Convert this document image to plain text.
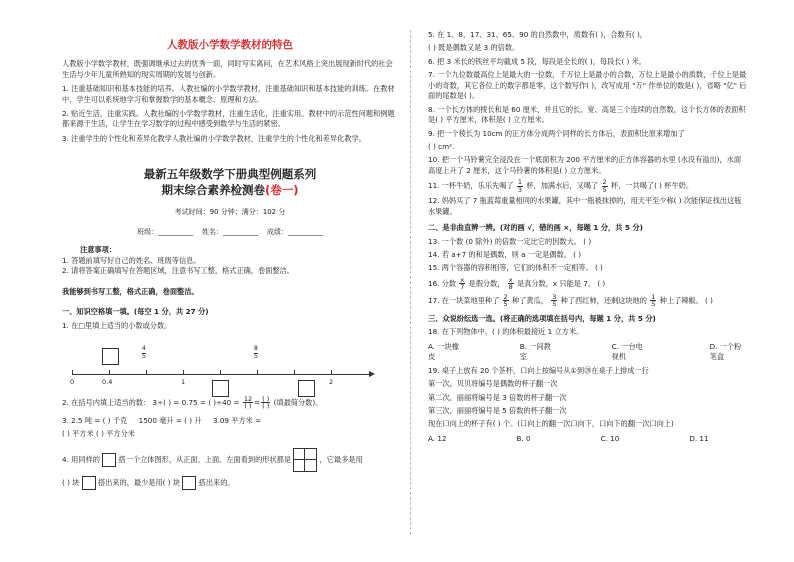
人教版小学数学教材的特色

人教版小学数学教材，既强调继承过去的优秀一面，同时写实离问，在艺术风格上突出展现新时代的社会生活与少年儿童所熟知的现实周期的发展与创新。

1. 注重基础知识和基本技能的培养。人教社编的小学数学教材，注重基础知识和基本技能的训练。在教材中，学生可以系统地学习和掌握数学的基本概念、原理和方法。

2. 贴近生活，注重实践。人教社编的小学数学教材，注重生活化，注重实用。教材中的示范性问题和例题都来源于生活，让学生在学习数学的过程中感受到数学与生活的紧密。

3. 注重学生的个性化和差异化教学人教社编的小学数学教材，注重学生的个性化和差异化教学。

最新五年级数学下册典型例题系列
期末综合素养检测卷(卷一)
考试时间：90 分钟；满分：102 分
班级：__________ 姓名：__________ 成绩：__________
注意事项：
1. 答题前填写好自己的姓名、班级等信息。
2. 请将答案正确填写在答题区域，注意书写工整，格式正确，卷面整洁。
我能够到书写工整，格式正确，卷面整洁。
一、知识空格填一填。(每空 1 分，共 27 分)
1. 在□里填上适当的小数或分数。
0	0.4	1	2
$\frac{4}{5}$	$\frac{8}{5}$
2. 在括号内填上适当的数： 3÷( ) = 0.75 = ( )$\div 40 = \frac{12}{( )} = \frac{( )}{( )}$ (填最简分数)。
3. 2.5 吨 = ( ) 千克 1500 毫升 = ( ) 升 3.09 平方米 =
( ) 平方米 ( ) 平方分米
4. 用同样的	搭一个立体图形，从正面、上面、左面看到的形状都是	，它最多是用
( ) 块	搭出来的，最少是用( ) 块	搭出来的。
5. 在 1、8、17、31、65、90 的自然数中，质数有( )，合数有( )，
( ) 既是偶数又是 3 的倍数。
6. 把 3 米长的铁丝平均截成 5 段，每段是全长的( )，每段长( ) 米。
7. 一个九位数最高位上是最大的一位数，千万位上是最小的合数，万位上是最小的质数，千位上是最小的奇数，其它各位上的数字都是零，这个数写作( )，改写成用 "万" 作单位的数是( )，省略 "亿" 后面的尾数是( )。
8. 一个长方体的棱长和是 60 厘米，并且它的长、宽、高是三个连续的自然数，这个长方体的表面积是( ) 平方厘米，体积是( ) 立方厘米。
9. 把一个棱长为 10cm 的正方体分成两个同样的长方体后，表面积比原来增加了
( ) cm².
10. 把一个马铃薯完全浸没在一个底面积为 200 平方厘米的正方体容器的水里 (水没有溢出)，水面高度上升了 2 厘米，这个马铃薯的体积是( ) 立方厘米。
11. 一杯牛奶，乐乐先喝了 $\frac{1}{3}$ 杯，加满水后，又喝了 $\frac{2}{5}$ 杯，一共喝了( ) 杯牛奶。
12. 妈妈买了 7 瓶蓝莓重量相同的水果罐，其中一瓶被抹掉的，用天平至少称( ) 次能保证找出这瓶水果罐。
二、是非曲直辨一辨。(对的画 √，错的画 ×，每题 1 分，共 5 分)
13. 一个数 (0 除外) 的倍数一定比它的因数大。 ( )
14. 若 a+7 的和是偶数，则 a 一定是偶数。 ( )
15. 两个容器的容积相等，它们的体积不一定相等。 ( )
16. 分数 $\frac{x}{7}$ 是假分数， $\frac{x}{8}$ 是真分数，x 只能是 7。 ( )
17. 在一块菜地里种了 $\frac{2}{5}$ 种了黄瓜， $\frac{3}{5}$ 种了西红柿，还剩这块地的 $\frac{1}{5}$ 种上了辣椒。 ( )
三、众说纷纭选一选。(将正确的选项填在括号内，每题 1 分，共 5 分)
18. 在下列物体中，( ) 的体积最接近 1 立方米。
A. 一块橡皮
B. 一间教室
C. 一台电视机
D. 一个粉笔盒
19. 桌子上放有 20 个茶杯，口向上按编号从①到⑳在桌子上排成一行
第一次，贝贝将编号是偶数的杯子翻一次
第二次，丽丽将编号是 3 倍数的杯子翻一次
第三次，丽丽将编号是 5 倍数的杯子翻一次
现在口向上的杯子有( ) 个。(口向上的翻一次口向下，口向下的翻一次口向上)
A. 12	B. 0	C. 10	D. 11
